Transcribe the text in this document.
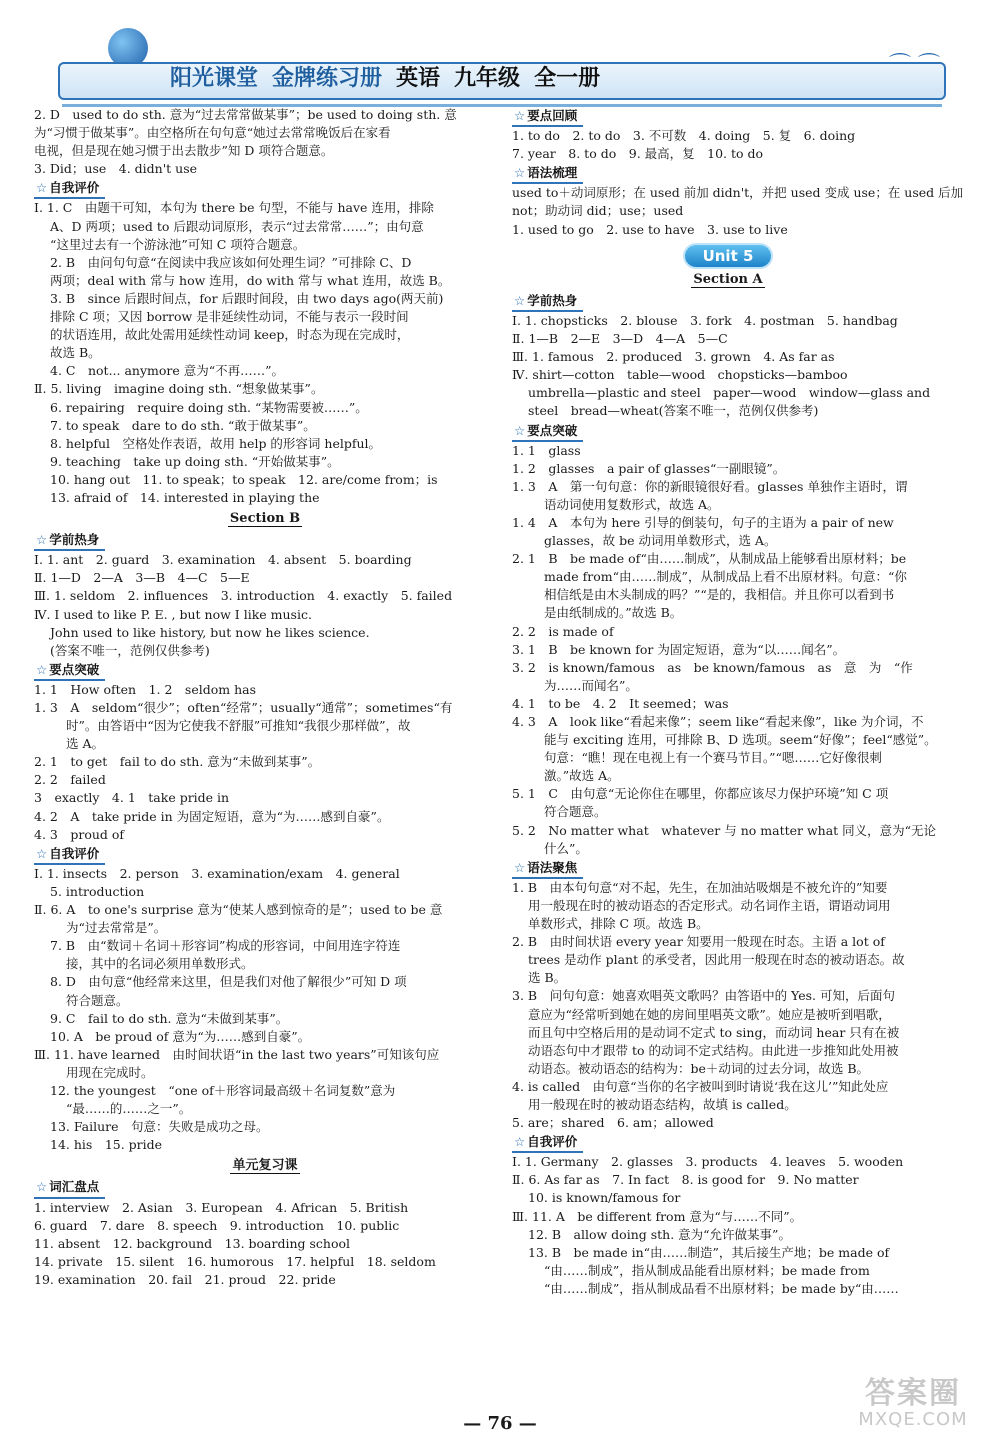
阳光课堂 金牌练习册 英语 九年级 全一册
⌒ ⌒

2. D　used to do sth. 意为“过去常常做某事”；be used to doing sth. 意

为“习惯于做某事”。由空格所在句句意“她过去常常晚饭后在家看

电视，但是现在她习惯于出去散步”知 D 项符合题意。

3. Did；use　4. didn't use

☆ 自我评价

Ⅰ. 1. C　由题干可知，本句为 there be 句型，不能与 have 连用，排除

A、D 两项；used to 后跟动词原形，表示“过去常常……”；由句意

“这里过去有一个游泳池”可知 C 项符合题意。

2. B　由问句句意“在阅读中我应该如何处理生词？”可排除 C、D

两项；deal with 常与 how 连用，do with 常与 what 连用，故选 B。

3. B　since 后跟时间点，for 后跟时间段，由 two days ago(两天前)

排除 C 项；又因 borrow 是非延续性动词，不能与表示一段时间

的状语连用，故此处需用延续性动词 keep，时态为现在完成时，

故选 B。

4. C　not... anymore 意为“不再……”。

Ⅱ. 5. living　imagine doing sth. “想象做某事”。

6. repairing　require doing sth. “某物需要被……”。

7. to speak　dare to do sth. “敢于做某事”。

8. helpful　空格处作表语，故用 help 的形容词 helpful。

9. teaching　take up doing sth. “开始做某事”。

10. hang out　11. to speak；to speak　12. are/come from；is

13. afraid of　14. interested in playing the

Section B
☆ 学前热身

Ⅰ. 1. ant　2. guard　3. examination　4. absent　5. boarding

Ⅱ. 1—D　2—A　3—B　4—C　5—E

Ⅲ. 1. seldom　2. influences　3. introduction　4. exactly　5. failed

Ⅳ. I used to like P. E. , but now I like music.

John used to like history, but now he likes science.

(答案不唯一，范例仅供参考)

☆ 要点突破

1. 1　How often　1. 2　seldom has

1. 3　A　seldom“很少”；often“经常”；usually“通常”；sometimes“有

时”。由答语中“因为它使我不舒服”可推知“我很少那样做”，故

选 A。

2. 1　to get　fail to do sth. 意为“未做到某事”。

2. 2　failed

3　exactly　4. 1　take pride in

4. 2　A　take pride in 为固定短语，意为“为……感到自豪”。

4. 3　proud of

☆ 自我评价

Ⅰ. 1. insects　2. person　3. examination/exam　4. general

5. introduction

Ⅱ. 6. A　to one's surprise 意为“使某人感到惊奇的是”；used to be 意

为“过去常常是”。

7. B　由“数词＋名词＋形容词”构成的形容词，中间用连字符连

接，其中的名词必须用单数形式。

8. D　由句意“他经常来这里，但是我们对他了解很少”可知 D 项

符合题意。

9. C　fail to do sth. 意为“未做到某事”。

10. A　be proud of 意为“为……感到自豪”。

Ⅲ. 11. have learned　由时间状语“in the last two years”可知该句应

用现在完成时。

12. the youngest　“one of＋形容词最高级＋名词复数”意为

“最……的……之一”。

13. Failure　句意：失败是成功之母。

14. his　15. pride

单元复习课
☆ 词汇盘点

1. interview　2. Asian　3. European　4. African　5. British

6. guard　7. dare　8. speech　9. introduction　10. public

11. absent　12. background　13. boarding school

14. private　15. silent　16. humorous　17. helpful　18. seldom

19. examination　20. fail　21. proud　22. pride

☆ 要点回顾

1. to do　2. to do　3. 不可数　4. doing　5. 复　6. doing

7. year　8. to do　9. 最高，复　10. to do

☆ 语法梳理

used to＋动词原形；在 used 前加 didn't，并把 used 变成 use；在 used 后加

not；助动词 did；use；used

1. used to go　2. use to have　3. use to live

Unit 5
Section A
☆ 学前热身

Ⅰ. 1. chopsticks　2. blouse　3. fork　4. postman　5. handbag

Ⅱ. 1—B　2—E　3—D　4—A　5—C

Ⅲ. 1. famous　2. produced　3. grown　4. As far as

Ⅳ. shirt—cotton　table—wood　chopsticks—bamboo

umbrella—plastic and steel　paper—wood　window—glass and

steel　bread—wheat(答案不唯一，范例仅供参考)

☆ 要点突破

1. 1　glass

1. 2　glasses　a pair of glasses“一副眼镜”。

1. 3　A　第一句句意：你的新眼镜很好看。glasses 单独作主语时，谓

语动词使用复数形式，故选 A。

1. 4　A　本句为 here 引导的倒装句，句子的主语为 a pair of new

glasses，故 be 动词用单数形式，选 A。

2. 1　B　be made of“由……制成”，从制成品上能够看出原材料；be

made from“由……制成”，从制成品上看不出原材料。句意：“你

相信纸是由木头制成的吗？”“是的，我相信。并且你可以看到书

是由纸制成的。”故选 B。

2. 2　is made of

3. 1　B　be known for 为固定短语，意为“以……闻名”。

3. 2　is known/famous　as　be known/famous　as　意　为　“作

为……而闻名”。

4. 1　to be　4. 2　It seemed；was

4. 3　A　look like“看起来像”；seem like“看起来像”，like 为介词，不

能与 exciting 连用，可排除 B、D 选项。seem“好像”；feel“感觉”。

句意：“瞧！现在电视上有一个赛马节目。”“嗯……它好像很刺

激。”故选 A。

5. 1　C　由句意“无论你住在哪里，你都应该尽力保护环境”知 C 项

符合题意。

5. 2　No matter what　whatever 与 no matter what 同义，意为“无论

什么”。

☆ 语法聚焦

1. B　由本句句意“对不起，先生，在加油站吸烟是不被允许的”知要

用一般现在时的被动语态的否定形式。动名词作主语，谓语动词用

单数形式，排除 C 项。故选 B。

2. B　由时间状语 every year 知要用一般现在时态。主语 a lot of

trees 是动作 plant 的承受者，因此用一般现在时态的被动语态。故

选 B。

3. B　问句句意：她喜欢唱英文歌吗？由答语中的 Yes. 可知，后面句

意应为“经常听到她在她的房间里唱英文歌”。她应是被听到唱歌，

而且句中空格后用的是动词不定式 to sing，而动词 hear 只有在被

动语态句中才跟带 to 的动词不定式结构。由此进一步推知此处用被

动语态。被动语态的结构为：be＋动词的过去分词，故选 B。

4. is called　由句意“当你的名字被叫到时请说‘我在这儿’”知此处应

用一般现在时的被动语态结构，故填 is called。

5. are；shared　6. am；allowed

☆ 自我评价

Ⅰ. 1. Germany　2. glasses　3. products　4. leaves　5. wooden

Ⅱ. 6. As far as　7. In fact　8. is good for　9. No matter

10. is known/famous for

Ⅲ. 11. A　be different from 意为“与……不同”。

12. B　allow doing sth. 意为“允许做某事”。

13. B　be made in“由……制造”，其后接生产地；be made of

“由……制成”，指从制成品能看出原材料；be made from

“由……制成”，指从制成品看不出原材料；be made by“由……

— 76 —
答案圈
MXQE.COM
